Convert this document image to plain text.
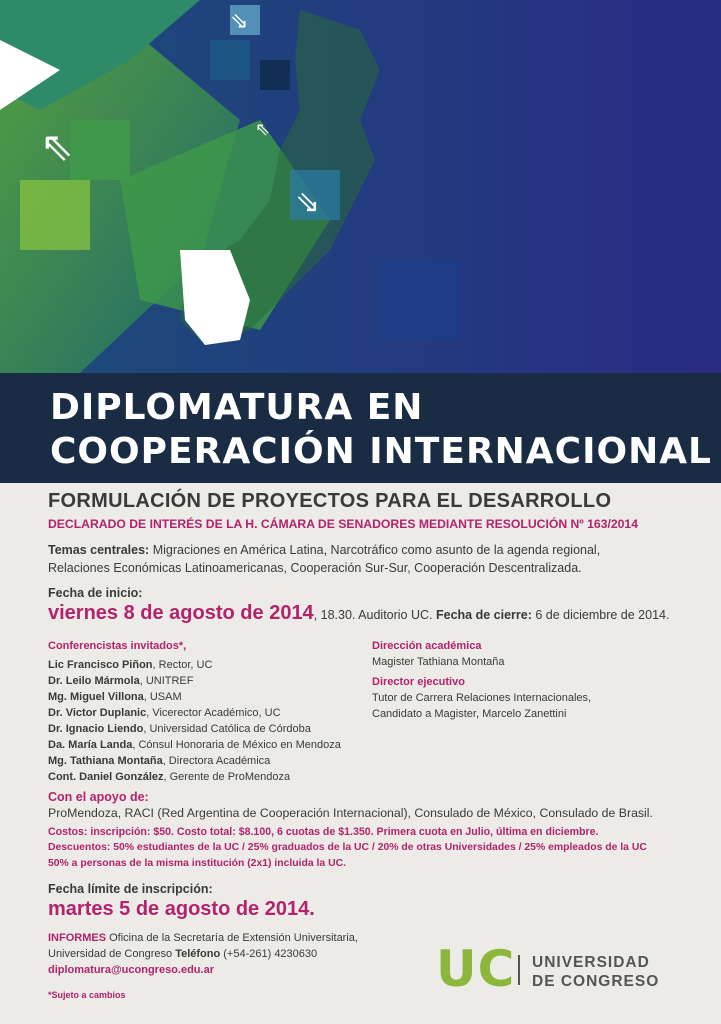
⇘
⇖
⇘
⇖
DIPLOMATURA EN
COOPERACIÓN INTERNACIONAL
FORMULACIÓN DE PROYECTOS PARA EL DESARROLLO
DECLARADO DE INTERÉS DE LA H. CÁMARA DE SENADORES MEDIANTE RESOLUCIÓN Nº 163/2014
Temas centrales: Migraciones en América Latina, Narcotráfico como asunto de la agenda regional,
Relaciones Económicas Latinoamericanas, Cooperación Sur-Sur, Cooperación Descentralizada.
Fecha de inicio:
viernes 8 de agosto de 2014, 18.30. Auditorio UC. Fecha de cierre: 6 de diciembre de 2014.
Conferencistas invitados*,
Lic Francisco Piñon, Rector, UC
Dr. Leilo Mármola, UNITREF
Mg. Miguel Villona, USAM
Dr. Victor Duplanic, Vicerector Académico, UC
Dr. Ignacio Liendo, Universidad Católica de Córdoba
Da. María Landa, Cónsul Honoraria de México en Mendoza
Mg. Tathiana Montaña, Directora Académica
Cont. Daniel González, Gerente de ProMendoza
Dirección académica
Magister Tathiana Montaña
Director ejecutivo
Tutor de Carrera Relaciones Internacionales,
Candidato a Magister, Marcelo Zanettini
Con el apoyo de:
ProMendoza, RACI (Red Argentina de Cooperación Internacional), Consulado de México, Consulado de Brasil.
Costos: inscripción: $50. Costo total: $8.100, 6 cuotas de $1.350. Primera cuota en Julio, última en diciembre.
Descuentos: 50% estudiantes de la UC / 25% graduados de la UC / 20% de otras Universidades / 25% empleados de la UC
50% a personas de la misma institución (2x1) incluida la UC.
Fecha límite de inscripción:
martes 5 de agosto de 2014.
INFORMES Oficina de la Secretaría de Extensión Universitaria,
Universidad de Congreso Teléfono (+54-261) 4230630
diplomatura@ucongreso.edu.ar
*Sujeto a cambios	UC UNIVERSIDAD
DE CONGRESO
